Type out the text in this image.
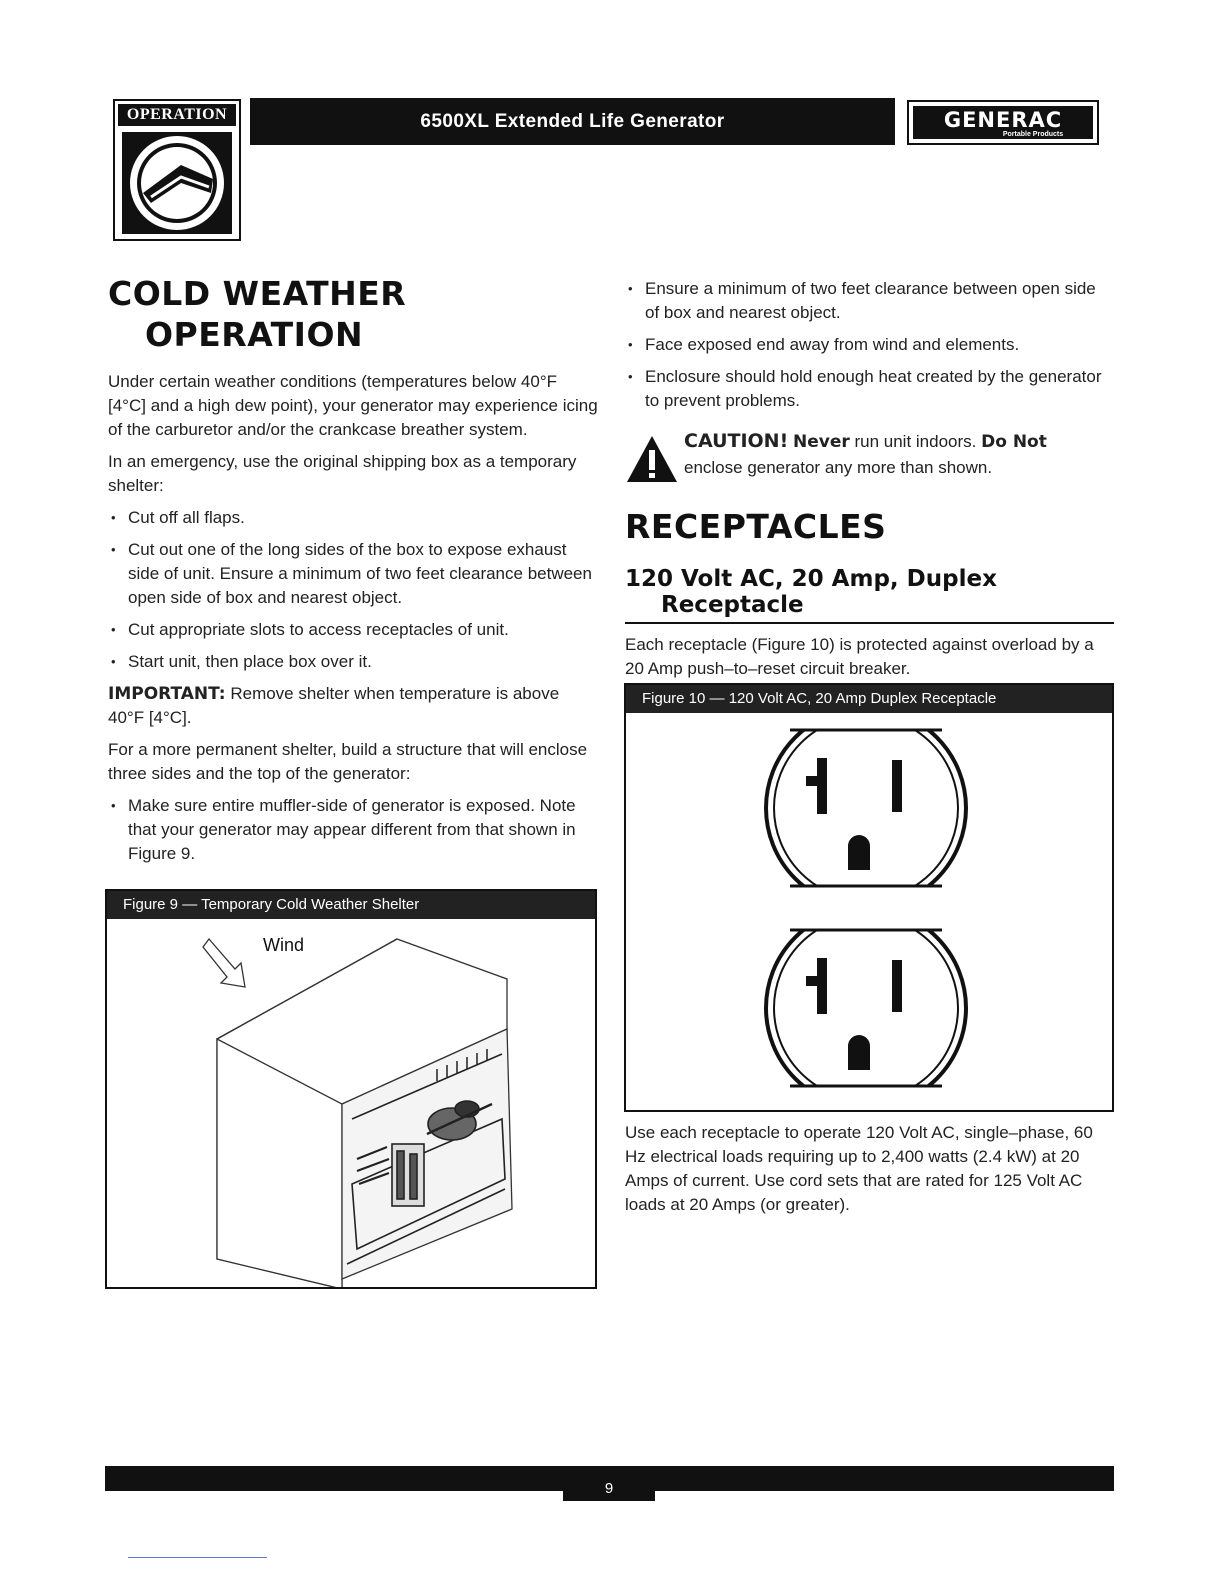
OPERATION	6500XL Extended Life Generator	GENERAC
Portable Products
COLD WEATHER
OPERATION

Under certain weather conditions (temperatures below 40°F [4°C] and a high dew point), your generator may experience icing of the carburetor and/or the crankcase breather system.

In an emergency, use the original shipping box as a temporary shelter:

• Cut off all flaps.
• Cut out one of the long sides of the box to expose exhaust side of unit. Ensure a minimum of two feet clearance between open side of box and nearest object.
• Cut appropriate slots to access receptacles of unit.
• Start unit, then place box over it.

IMPORTANT: Remove shelter when temperature is above 40°F [4°C].

For a more permanent shelter, build a structure that will enclose three sides and the top of the generator:

• Make sure entire muffler-side of generator is exposed. Note that your generator may appear different from that shown in Figure 9.
Figure 9 — Temporary Cold Weather Shelter
Wind
• Ensure a minimum of two feet clearance between open side of box and nearest object.
• Face exposed end away from wind and elements.
• Enclosure should hold enough heat created by the generator to prevent problems.
CAUTION! Never run unit indoors. Do Not
enclose generator any more than shown.
RECEPTACLES
120 Volt AC, 20 Amp, Duplex
Receptacle

Each receptacle (Figure 10) is protected against overload by a 20 Amp push–to–reset circuit breaker.

Figure 10 — 120 Volt AC, 20 Amp Duplex Receptacle

Use each receptacle to operate 120 Volt AC, single–phase, 60 Hz electrical loads requiring up to 2,400 watts (2.4 kW) at 20 Amps of current. Use cord sets that are rated for 125 Volt AC loads at 20 Amps (or greater).

9
